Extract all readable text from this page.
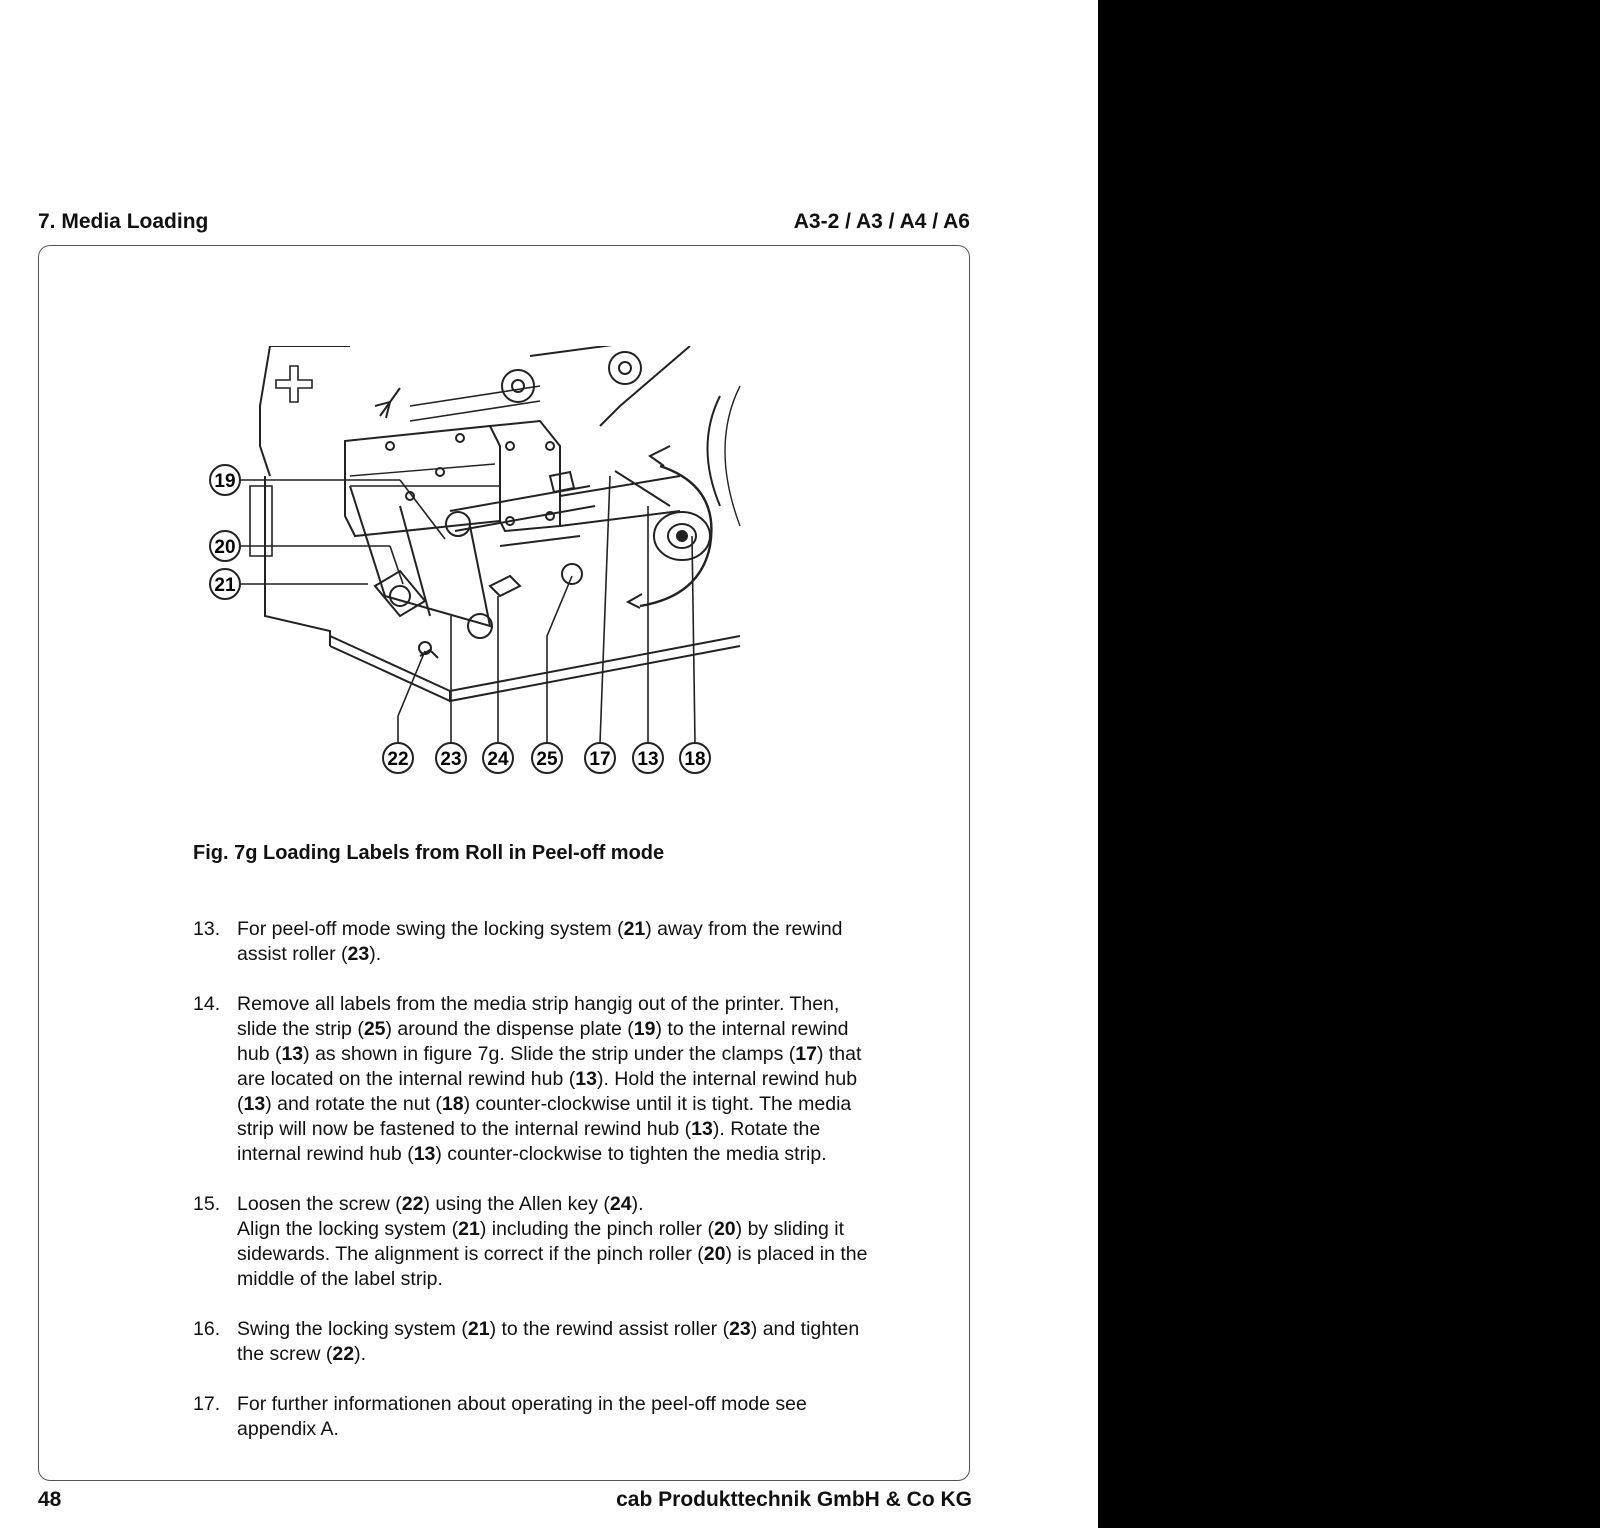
7. Media Loading	A3-2 / A3 / A4 / A6
19
20
21
22 23 24 25 17 13 18
Fig. 7g Loading Labels from Roll in Peel-off mode
13. For peel-off mode swing the locking system (21) away from the rewind
assist roller (23).
14. Remove all labels from the media strip hangig out of the printer. Then,
slide the strip (25) around the dispense plate (19) to the internal rewind
hub (13) as shown in figure 7g. Slide the strip under the clamps (17) that
are located on the internal rewind hub (13). Hold the internal rewind hub
(13) and rotate the nut (18) counter-clockwise until it is tight. The media
strip will now be fastened to the internal rewind hub (13). Rotate the
internal rewind hub (13) counter-clockwise to tighten the media strip.
15. Loosen the screw (22) using the Allen key (24).
Align the locking system (21) including the pinch roller (20) by sliding it
sidewards. The alignment is correct if the pinch roller (20) is placed in the
middle of the label strip.
16. Swing the locking system (21) to the rewind assist roller (23) and tighten
the screw (22).
17. For further informationen about operating in the peel-off mode see
appendix A.
48	cab Produkttechnik GmbH & Co KG
